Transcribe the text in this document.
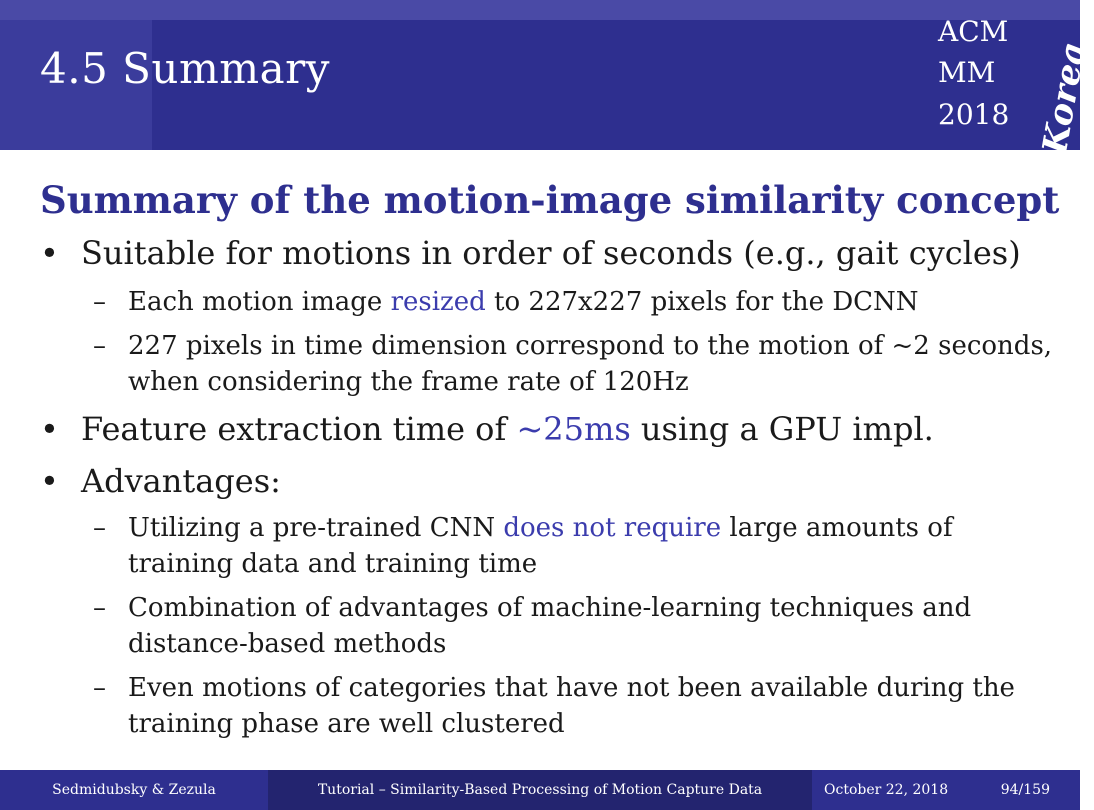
4.5 Summary
ACM
MM
2018 Korea
Summary of the motion-image similarity concept
• Suitable for motions in order of seconds (e.g., gait cycles)
– Each motion image resized to 227x227 pixels for the DCNN
– 227 pixels in time dimension correspond to the motion of ~2 seconds,
when considering the frame rate of 120Hz
• Feature extraction time of ~25ms using a GPU impl.
• Advantages:
– Utilizing a pre-trained CNN does not require large amounts of
training data and training time
– Combination of advantages of machine-learning techniques and
distance-based methods
– Even motions of categories that have not been available during the
training phase are well clustered
Sedmidubsky & Zezula	Tutorial – Similarity-Based Processing of Motion Capture Data	October 22, 2018	94/159
